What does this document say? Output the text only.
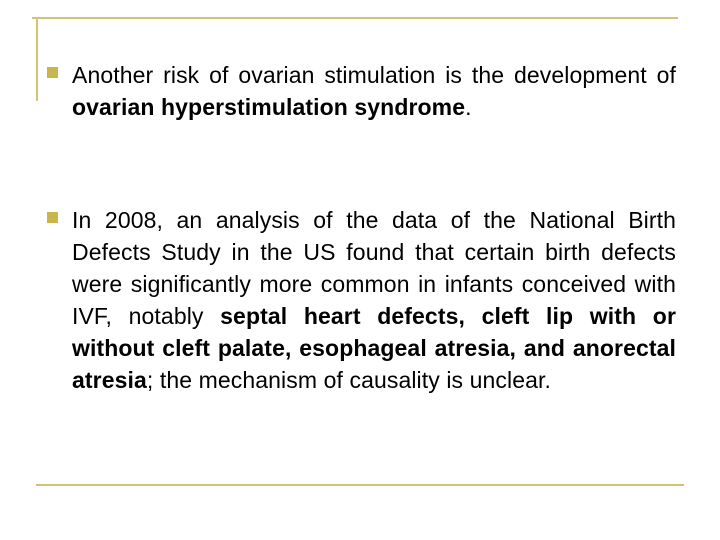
Another risk of ovarian stimulation is the development of ovarian hyperstimulation syndrome.
In 2008, an analysis of the data of the National Birth Defects Study in the US found that certain birth defects were significantly more common in infants conceived with IVF, notably septal heart defects, cleft lip with or without cleft palate, esophageal atresia, and anorectal atresia; the mechanism of causality is unclear.
